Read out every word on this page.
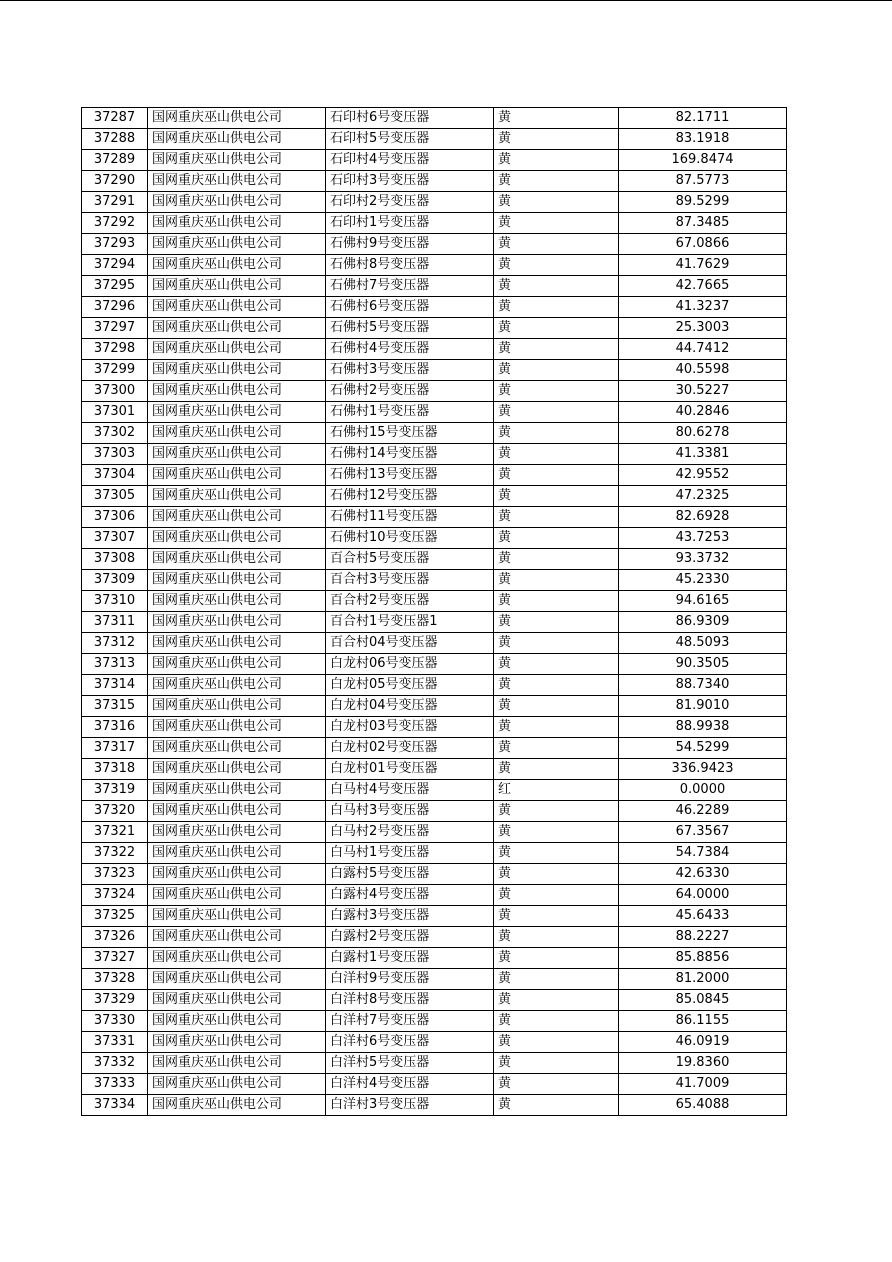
37287	国网重庆巫山供电公司	石印村6号变压器	黄	82.1711
37288	国网重庆巫山供电公司	石印村5号变压器	黄	83.1918
37289	国网重庆巫山供电公司	石印村4号变压器	黄	169.8474
37290	国网重庆巫山供电公司	石印村3号变压器	黄	87.5773
37291	国网重庆巫山供电公司	石印村2号变压器	黄	89.5299
37292	国网重庆巫山供电公司	石印村1号变压器	黄	87.3485
37293	国网重庆巫山供电公司	石佛村9号变压器	黄	67.0866
37294	国网重庆巫山供电公司	石佛村8号变压器	黄	41.7629
37295	国网重庆巫山供电公司	石佛村7号变压器	黄	42.7665
37296	国网重庆巫山供电公司	石佛村6号变压器	黄	41.3237
37297	国网重庆巫山供电公司	石佛村5号变压器	黄	25.3003
37298	国网重庆巫山供电公司	石佛村4号变压器	黄	44.7412
37299	国网重庆巫山供电公司	石佛村3号变压器	黄	40.5598
37300	国网重庆巫山供电公司	石佛村2号变压器	黄	30.5227
37301	国网重庆巫山供电公司	石佛村1号变压器	黄	40.2846
37302	国网重庆巫山供电公司	石佛村15号变压器	黄	80.6278
37303	国网重庆巫山供电公司	石佛村14号变压器	黄	41.3381
37304	国网重庆巫山供电公司	石佛村13号变压器	黄	42.9552
37305	国网重庆巫山供电公司	石佛村12号变压器	黄	47.2325
37306	国网重庆巫山供电公司	石佛村11号变压器	黄	82.6928
37307	国网重庆巫山供电公司	石佛村10号变压器	黄	43.7253
37308	国网重庆巫山供电公司	百合村5号变压器	黄	93.3732
37309	国网重庆巫山供电公司	百合村3号变压器	黄	45.2330
37310	国网重庆巫山供电公司	百合村2号变压器	黄	94.6165
37311	国网重庆巫山供电公司	百合村1号变压器1	黄	86.9309
37312	国网重庆巫山供电公司	百合村04号变压器	黄	48.5093
37313	国网重庆巫山供电公司	白龙村06号变压器	黄	90.3505
37314	国网重庆巫山供电公司	白龙村05号变压器	黄	88.7340
37315	国网重庆巫山供电公司	白龙村04号变压器	黄	81.9010
37316	国网重庆巫山供电公司	白龙村03号变压器	黄	88.9938
37317	国网重庆巫山供电公司	白龙村02号变压器	黄	54.5299
37318	国网重庆巫山供电公司	白龙村01号变压器	黄	336.9423
37319	国网重庆巫山供电公司	白马村4号变压器	红	0.0000
37320	国网重庆巫山供电公司	白马村3号变压器	黄	46.2289
37321	国网重庆巫山供电公司	白马村2号变压器	黄	67.3567
37322	国网重庆巫山供电公司	白马村1号变压器	黄	54.7384
37323	国网重庆巫山供电公司	白露村5号变压器	黄	42.6330
37324	国网重庆巫山供电公司	白露村4号变压器	黄	64.0000
37325	国网重庆巫山供电公司	白露村3号变压器	黄	45.6433
37326	国网重庆巫山供电公司	白露村2号变压器	黄	88.2227
37327	国网重庆巫山供电公司	白露村1号变压器	黄	85.8856
37328	国网重庆巫山供电公司	白洋村9号变压器	黄	81.2000
37329	国网重庆巫山供电公司	白洋村8号变压器	黄	85.0845
37330	国网重庆巫山供电公司	白洋村7号变压器	黄	86.1155
37331	国网重庆巫山供电公司	白洋村6号变压器	黄	46.0919
37332	国网重庆巫山供电公司	白洋村5号变压器	黄	19.8360
37333	国网重庆巫山供电公司	白洋村4号变压器	黄	41.7009
37334	国网重庆巫山供电公司	白洋村3号变压器	黄	65.4088
